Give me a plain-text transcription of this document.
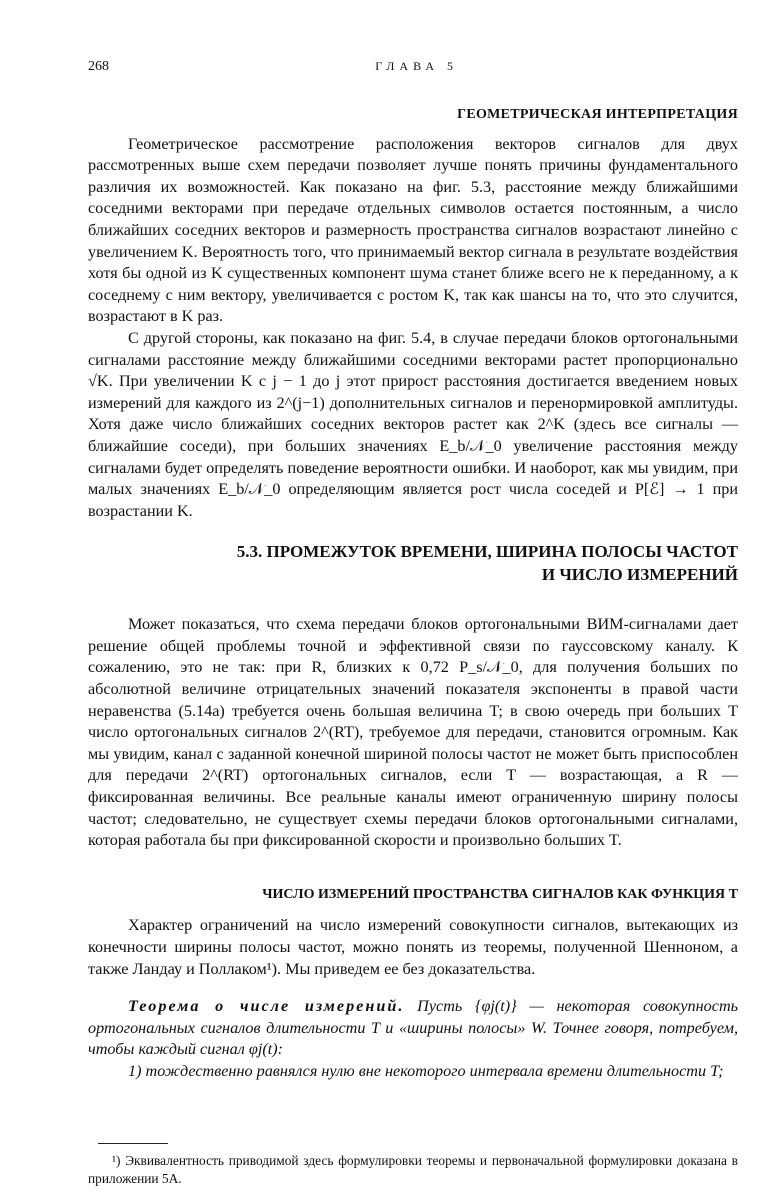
268	ГЛАВА 5
ГЕОМЕТРИЧЕСКАЯ ИНТЕРПРЕТАЦИЯ

Геометрическое рассмотрение расположения векторов сигналов для двух рассмотренных выше схем передачи позволяет лучше понять причины фундаментального различия их возможностей. Как показано на фиг. 5.3, расстояние между ближайшими соседними векторами при передаче отдельных символов остается постоянным, а число ближайших соседних векторов и размерность пространства сигналов возрастают линейно с увеличением K. Вероятность того, что принимаемый вектор сигнала в результате воздействия хотя бы одной из K существенных компонент шума станет ближе всего не к переданному, а к соседнему с ним вектору, увеличивается с ростом K, так как шансы на то, что это случится, возрастают в K раз.

С другой стороны, как показано на фиг. 5.4, в случае передачи блоков ортогональными сигналами расстояние между ближайшими соседними векторами растет пропорционально √K. При увеличении K с j − 1 до j этот прирост расстояния достигается введением новых измерений для каждого из 2^(j−1) дополнительных сигналов и перенормировкой амплитуды. Хотя даже число ближайших соседних векторов растет как 2^K (здесь все сигналы — ближайшие соседи), при больших значениях E_b/𝒩_0 увеличение расстояния между сигналами будет определять поведение вероятности ошибки. И наоборот, как мы увидим, при малых значениях E_b/𝒩_0 определяющим является рост числа соседей и P[ℰ] → 1 при возрастании K.

5.3. ПРОМЕЖУТОК ВРЕМЕНИ, ШИРИНА ПОЛОСЫ ЧАСТОТ
И ЧИСЛО ИЗМЕРЕНИЙ

Может показаться, что схема передачи блоков ортогональными ВИМ-сигналами дает решение общей проблемы точной и эффективной связи по гауссовскому каналу. К сожалению, это не так: при R, близких к 0,72 P_s/𝒩_0, для получения больших по абсолютной величине отрицательных значений показателя экспоненты в правой части неравенства (5.14а) требуется очень большая величина T; в свою очередь при больших T число ортогональных сигналов 2^(RT), требуемое для передачи, становится огромным. Как мы увидим, канал с заданной конечной шириной полосы частот не может быть приспособлен для передачи 2^(RT) ортогональных сигналов, если T — возрастающая, а R — фиксированная величины. Все реальные каналы имеют ограниченную ширину полосы частот; следовательно, не существует схемы передачи блоков ортогональными сигналами, которая работала бы при фиксированной скорости и произвольно больших T.

ЧИСЛО ИЗМЕРЕНИЙ ПРОСТРАНСТВА СИГНАЛОВ КАК ФУНКЦИЯ T

Характер ограничений на число измерений совокупности сигналов, вытекающих из конечности ширины полосы частот, можно понять из теоремы, полученной Шенноном, а также Ландау и Поллаком¹). Мы приведем ее без доказательства.

Теорема о числе измерений. Пусть {φj(t)} — некоторая совокупность ортогональных сигналов длительности T и «ширины полосы» W. Точнее говоря, потребуем, чтобы каждый сигнал φj(t):

1) тождественно равнялся нулю вне некоторого интервала времени длительности T;

¹) Эквивалентность приводимой здесь формулировки теоремы и первоначальной формулировки доказана в приложении 5А.
